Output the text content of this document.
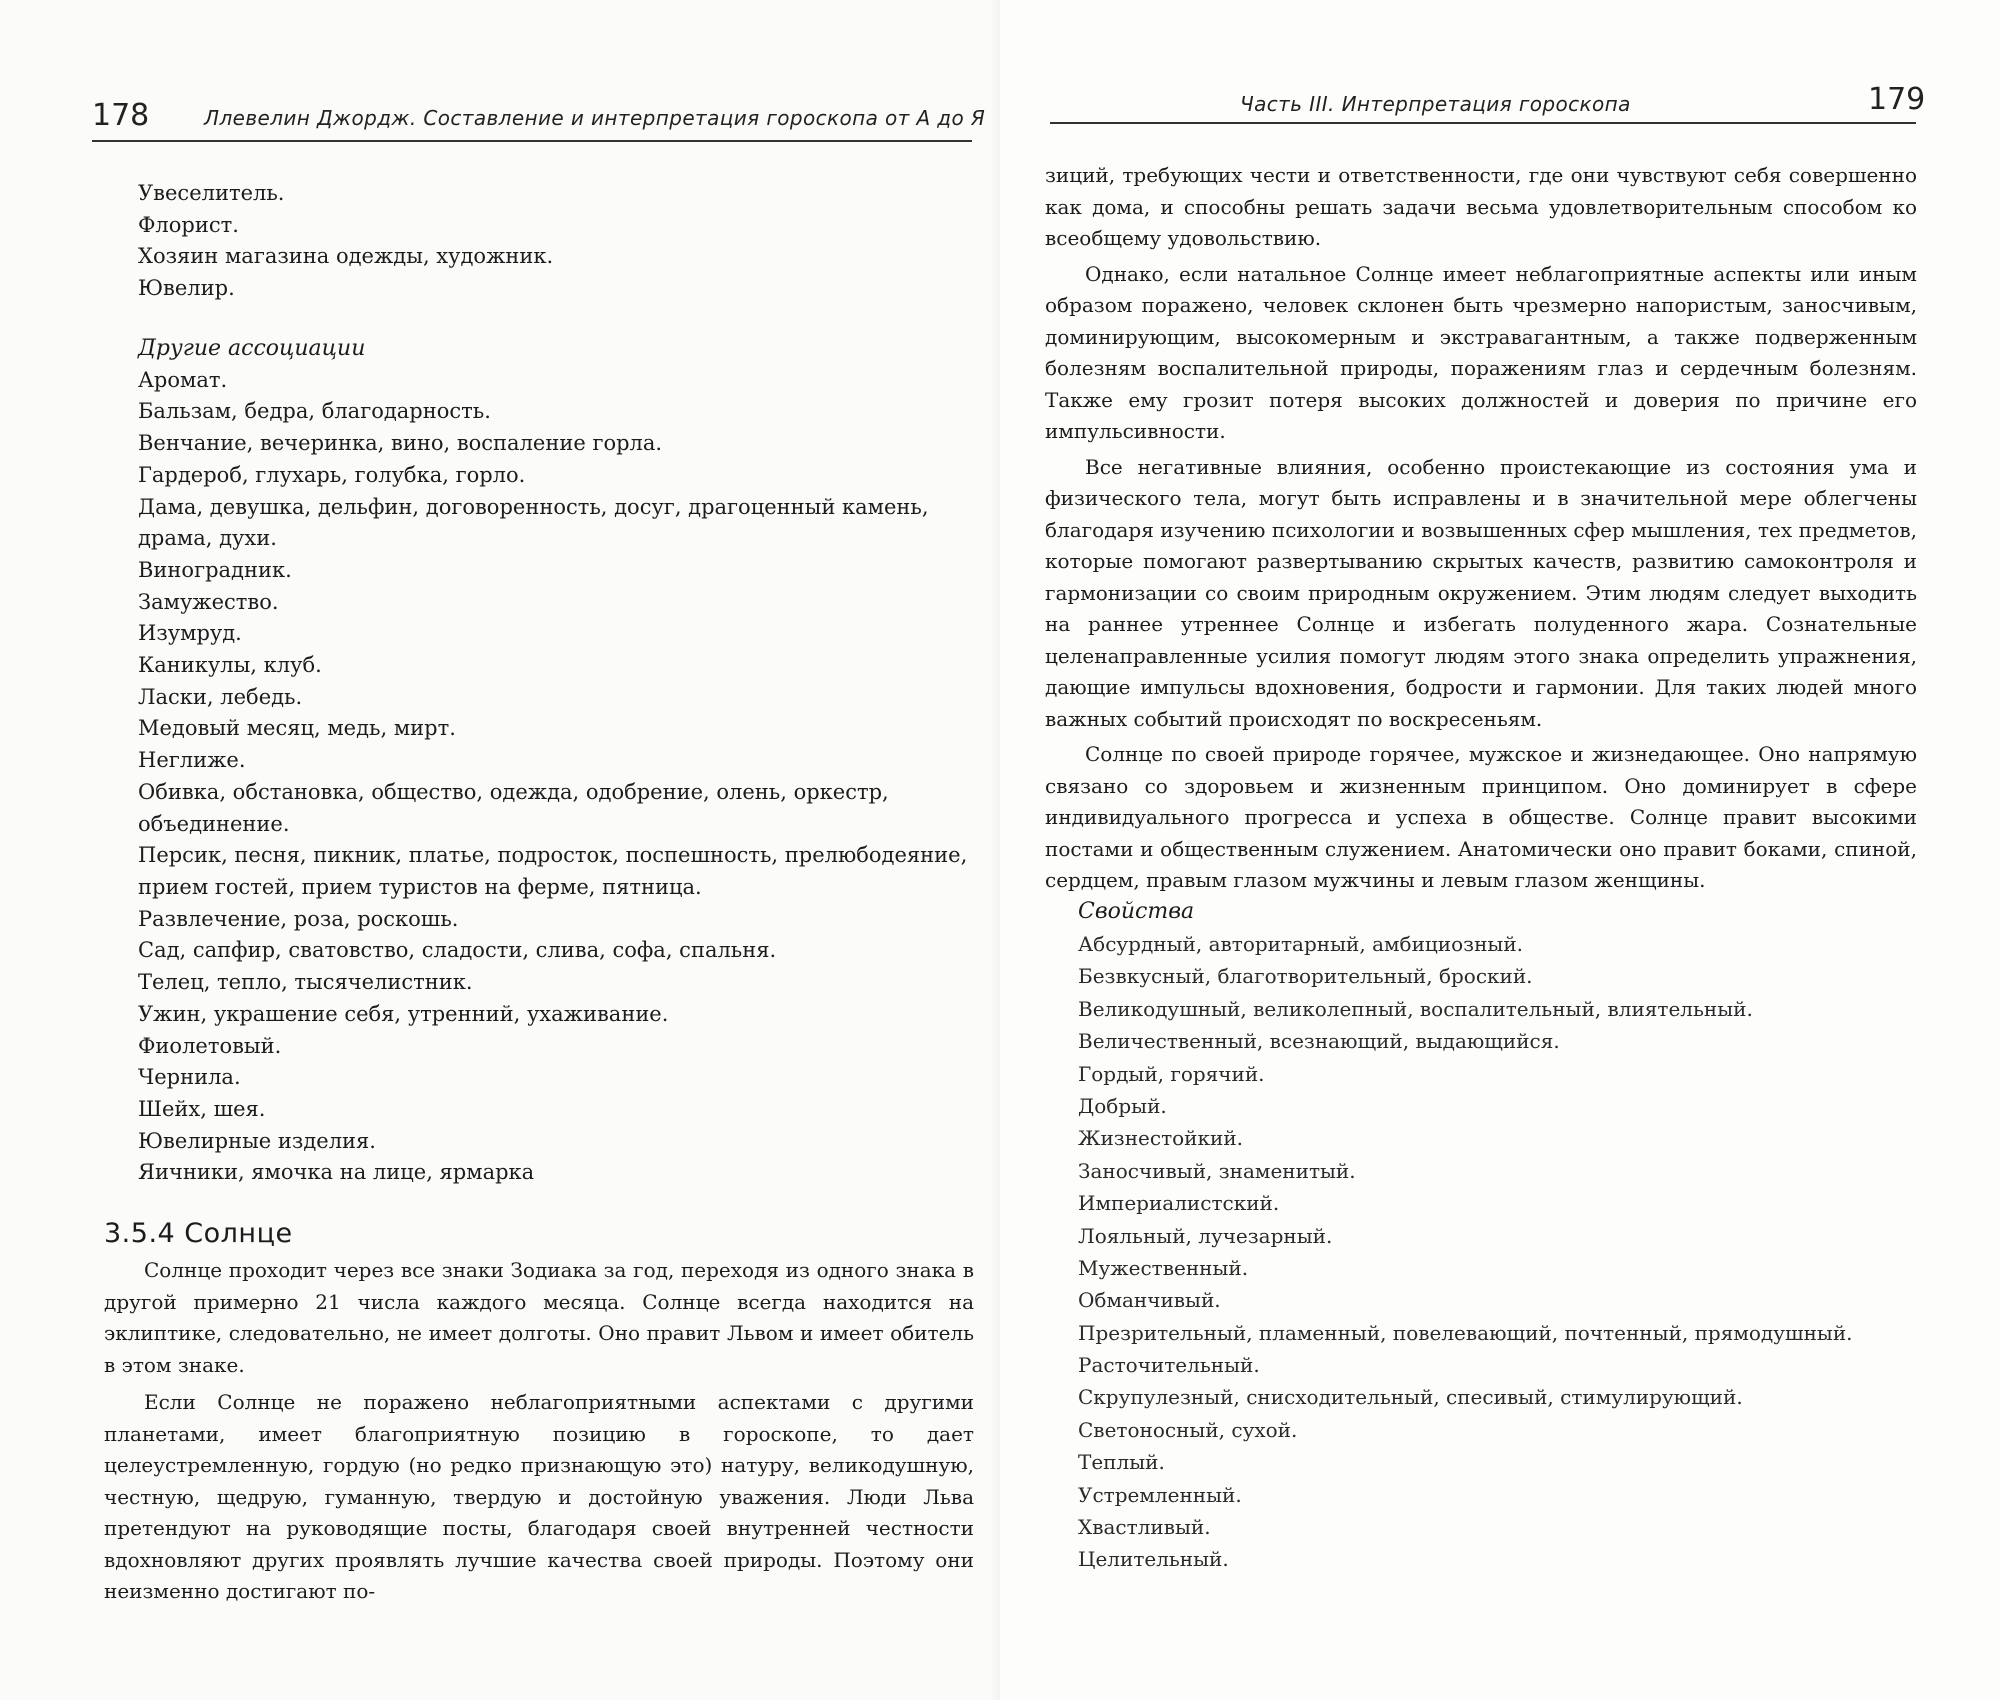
178	Ллевелин Джордж. Составление и интерпретация гороскопа от А до Я
Увеселитель.
Флорист.
Хозяин магазина одежды, художник.
Ювелир.
Другие ассоциации
Аромат.
Бальзам, бедра, благодарность.
Венчание, вечеринка, вино, воспаление горла.
Гардероб, глухарь, голубка, горло.
Дама, девушка, дельфин, договоренность, досуг, драгоценный камень, драма, духи.
Виноградник.
Замужество.
Изумруд.
Каникулы, клуб.
Ласки, лебедь.
Медовый месяц, медь, мирт.
Неглиже.
Обивка, обстановка, общество, одежда, одобрение, олень, оркестр, объединение.
Персик, песня, пикник, платье, подросток, поспешность, прелюбодеяние, прием гостей, прием туристов на ферме, пятница.
Развлечение, роза, роскошь.
Сад, сапфир, сватовство, сладости, слива, софа, спальня.
Телец, тепло, тысячелистник.
Ужин, украшение себя, утренний, ухаживание.
Фиолетовый.
Чернила.
Шейх, шея.
Ювелирные изделия.
Яичники, ямочка на лице, ярмарка
3.5.4 Солнце

Солнце проходит через все знаки Зодиака за год, переходя из одного знака в другой примерно 21 числа каждого месяца. Солнце всегда находится на эклиптике, следовательно, не имеет долготы. Оно правит Львом и имеет обитель в этом знаке.

Если Солнце не поражено неблагоприятными аспектами с другими планетами, имеет благоприятную позицию в гороскопе, то дает целеустремленную, гордую (но редко признающую это) натуру, великодушную, честную, щедрую, гуманную, твердую и достойную уважения. Люди Льва претендуют на руководящие посты, благодаря своей внутренней честности вдохновляют других проявлять лучшие качества своей природы. Поэтому они неизменно достигают по-

Часть III. Интерпретация гороскопа	179

зиций, требующих чести и ответственности, где они чувствуют себя совершенно как дома, и способны решать задачи весьма удовлетворительным способом ко всеобщему удовольствию.

Однако, если натальное Солнце имеет неблагоприятные аспекты или иным образом поражено, человек склонен быть чрезмерно напористым, заносчивым, доминирующим, высокомерным и экстравагантным, а также подверженным болезням воспалительной природы, поражениям глаз и сердечным болезням. Также ему грозит потеря высоких должностей и доверия по причине его импульсивности.

Все негативные влияния, особенно проистекающие из состояния ума и физического тела, могут быть исправлены и в значительной мере облегчены благодаря изучению психологии и возвышенных сфер мышления, тех предметов, которые помогают развертыванию скрытых качеств, развитию самоконтроля и гармонизации со своим природным окружением. Этим людям следует выходить на раннее утреннее Солнце и избегать полуденного жара. Сознательные целенаправленные усилия помогут людям этого знака определить упражнения, дающие импульсы вдохновения, бодрости и гармонии. Для таких людей много важных событий происходят по воскресеньям.

Солнце по своей природе горячее, мужское и жизнедающее. Оно напрямую связано со здоровьем и жизненным принципом. Оно доминирует в сфере индивидуального прогресса и успеха в обществе. Солнце правит высокими постами и общественным служением. Анатомически оно правит боками, спиной, сердцем, правым глазом мужчины и левым глазом женщины.

Свойства
Абсурдный, авторитарный, амбициозный.
Безвкусный, благотворительный, броский.
Великодушный, великолепный, воспалительный, влиятельный.
Величественный, всезнающий, выдающийся.
Гордый, горячий.
Добрый.
Жизнестойкий.
Заносчивый, знаменитый.
Империалистский.
Лояльный, лучезарный.
Мужественный.
Обманчивый.
Презрительный, пламенный, повелевающий, почтенный, прямодушный.
Расточительный.
Скрупулезный, снисходительный, спесивый, стимулирующий.
Светоносный, сухой.
Теплый.
Устремленный.
Хвастливый.
Целительный.
